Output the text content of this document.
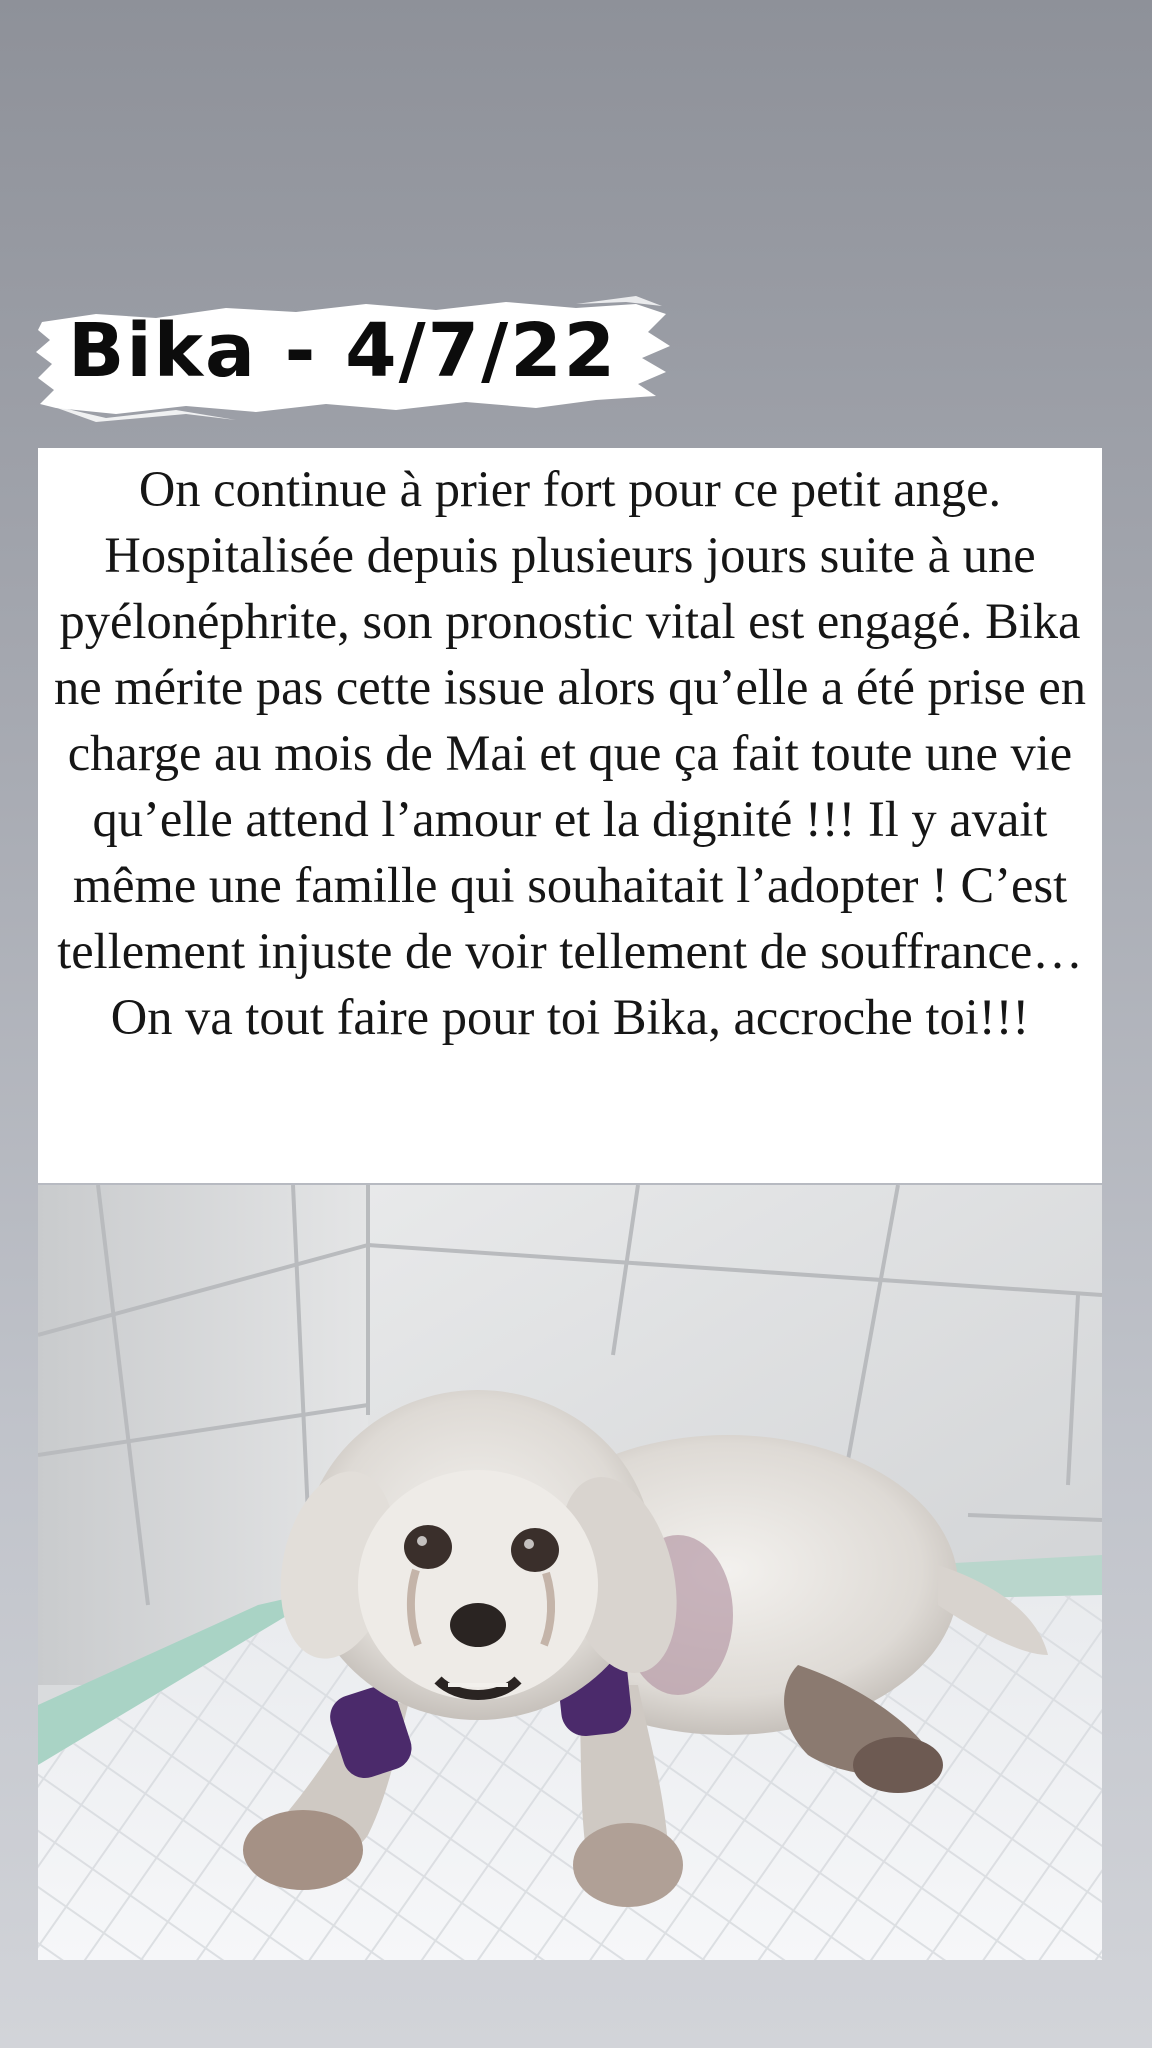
Bika - 4/7/22

On continue à prier fort pour ce petit ange. Hospitalisée depuis plusieurs jours suite à une pyélonéphrite, son pronostic vital est engagé. Bika ne mérite pas cette issue alors qu’elle a été prise en charge au mois de Mai et que ça fait toute une vie qu’elle attend l’amour et la dignité !!! Il y avait même une famille qui souhaitait l’adopter ! C’est tellement injuste de voir tellement de souffrance… On va tout faire pour toi Bika, accroche toi!!!
